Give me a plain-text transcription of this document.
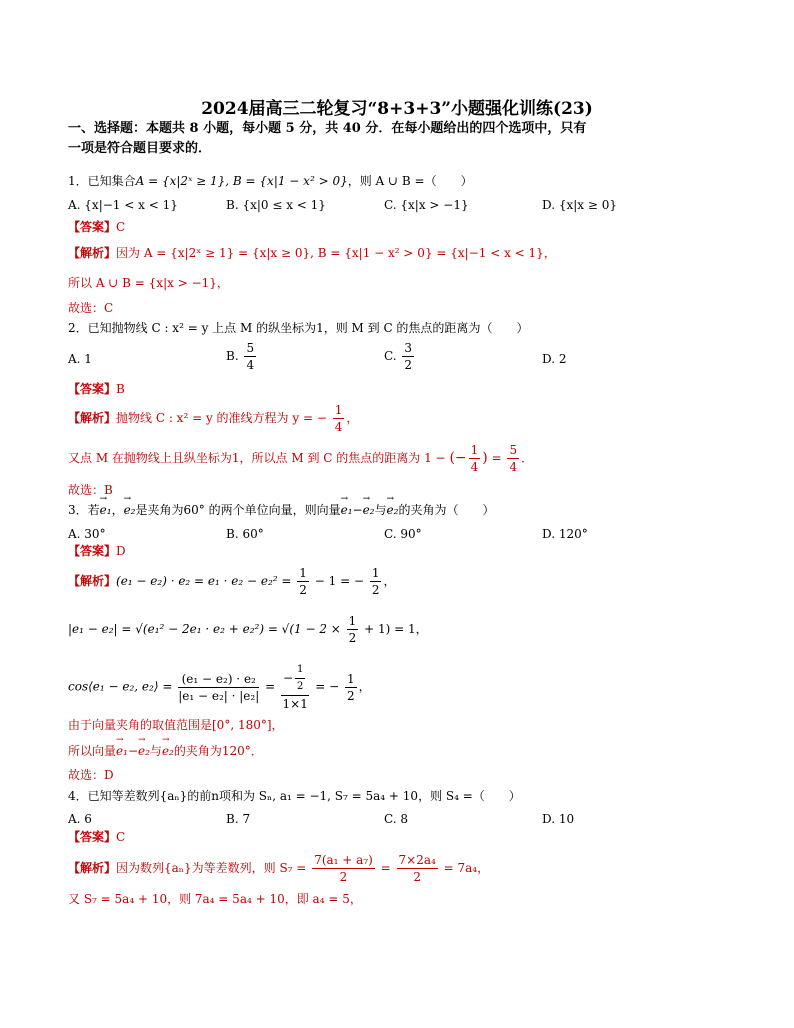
2024届高三二轮复习“8+3+3”小题强化训练(23)
一、选择题：本题共 8 小题，每小题 5 分，共 40 分．在每小题给出的四个选项中，只有
一项是符合题目要求的．
1．已知集合A = {x|2ˣ ≥ 1}, B = {x|1 − x² > 0}，则 A ∪ B =（　　）
A. {x|−1 < x < 1}	B. {x|0 ≤ x < 1}	C. {x|x > −1}	D. {x|x ≥ 0}
【答案】C
【解析】因为 A = {x|2ˣ ≥ 1} = {x|x ≥ 0}, B = {x|1 − x² > 0} = {x|−1 < x < 1}，
所以 A ∪ B = {x|x > −1}，
故选：C
2．已知抛物线 C : x² = y 上点 M 的纵坐标为1，则 M 到 C 的焦点的距离为（　　）
A. 1	B. $\frac{5}{4}$	C. $\frac{3}{2}$	D. 2
【答案】B
【解析】抛物线 C : x² = y 的准线方程为 y = − $\frac{1}{4}$ ，
又点 M 在抛物线上且纵坐标为1，所以点 M 到 C 的焦点的距离为 1 − (− $\frac{1}{4}$ ) = $\frac{5}{4}$ ．
故选：B
3．若→ e₁，→ e₂是夹角为60° 的两个单位向量，则向量→ e₁−→ e₂与→ e₂的夹角为（　　）
A. 30°	B. 60°	C. 90°	D. 120°
【答案】D
【解析】$(e_1 - e_2) \cdot e_2 = e_1 \cdot e_2 - e_2^2 = \frac{1}{2} - 1$ = − $\frac{1}{2}$ ，
$|e_1 - e_2| = √(e_1^2 - 2e_1 \cdot e_2 + e_2^2) = √(1 - 2 \times \frac{1}{2} + 1) = 1$，
cos⟨e₁ − e₂, e₂⟩ = $\frac{\text{(e₁ − e₂) · e₂}}{\text{|e₁ − e₂| · |e₂|}} = \frac{- \frac{1}{2}}{1\times 1}$ = − $\frac{1}{2}$ ，
由于向量夹角的取值范围是[0°, 180°]，
所以向量→ e₁−→ e₂与→ e₂的夹角为120°．
故选：D
4．已知等差数列{aₙ}的前n项和为 Sₙ, a₁ = −1, S₇ = 5a₄ + 10，则 S₄ =（　　）
A. 6	B. 7	C. 8	D. 10
【答案】C
【解析】因为数列{aₙ}为等差数列，则 $S_7 = \frac{\text{7(a₁ + a₇)}}{2} = \frac{\text{7×2a₄}}{2} = 7a_4$，
又 S₇ = 5a₄ + 10，则 7a₄ = 5a₄ + 10，即 a₄ = 5，
